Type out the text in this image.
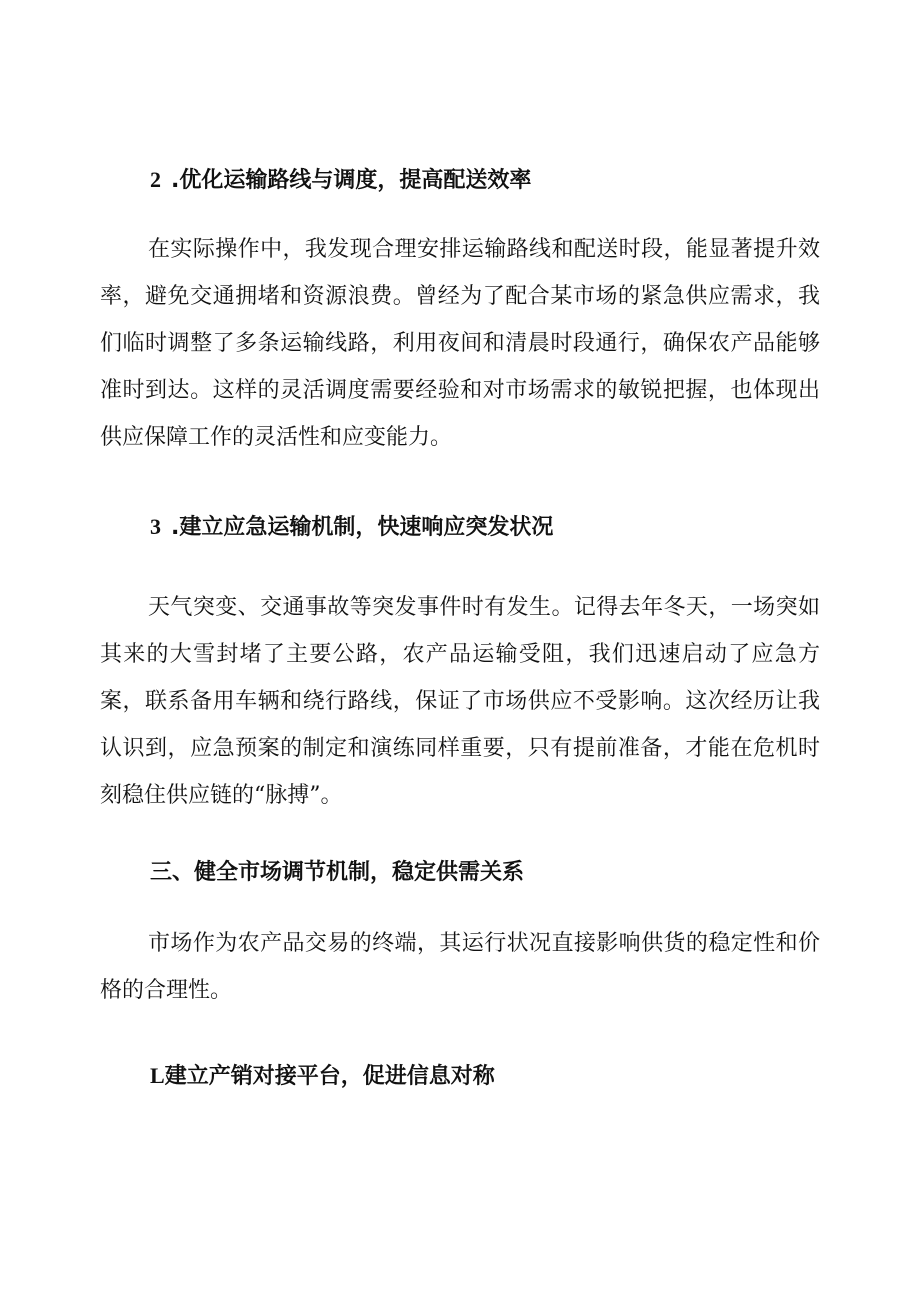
2 .优化运输路线与调度，提高配送效率

在实际操作中，我发现合理安排运输路线和配送时段，能显著提升效率，避免交通拥堵和资源浪费。曾经为了配合某市场的紧急供应需求，我们临时调整了多条运输线路，利用夜间和清晨时段通行，确保农产品能够准时到达。这样的灵活调度需要经验和对市场需求的敏锐把握，也体现出供应保障工作的灵活性和应变能力。

3 .建立应急运输机制，快速响应突发状况

天气突变、交通事故等突发事件时有发生。记得去年冬天，一场突如其来的大雪封堵了主要公路，农产品运输受阻，我们迅速启动了应急方案，联系备用车辆和绕行路线，保证了市场供应不受影响。这次经历让我认识到，应急预案的制定和演练同样重要，只有提前准备，才能在危机时刻稳住供应链的“脉搏”。

三、健全市场调节机制，稳定供需关系

市场作为农产品交易的终端，其运行状况直接影响供货的稳定性和价格的合理性。

L建立产销对接平台，促进信息对称
